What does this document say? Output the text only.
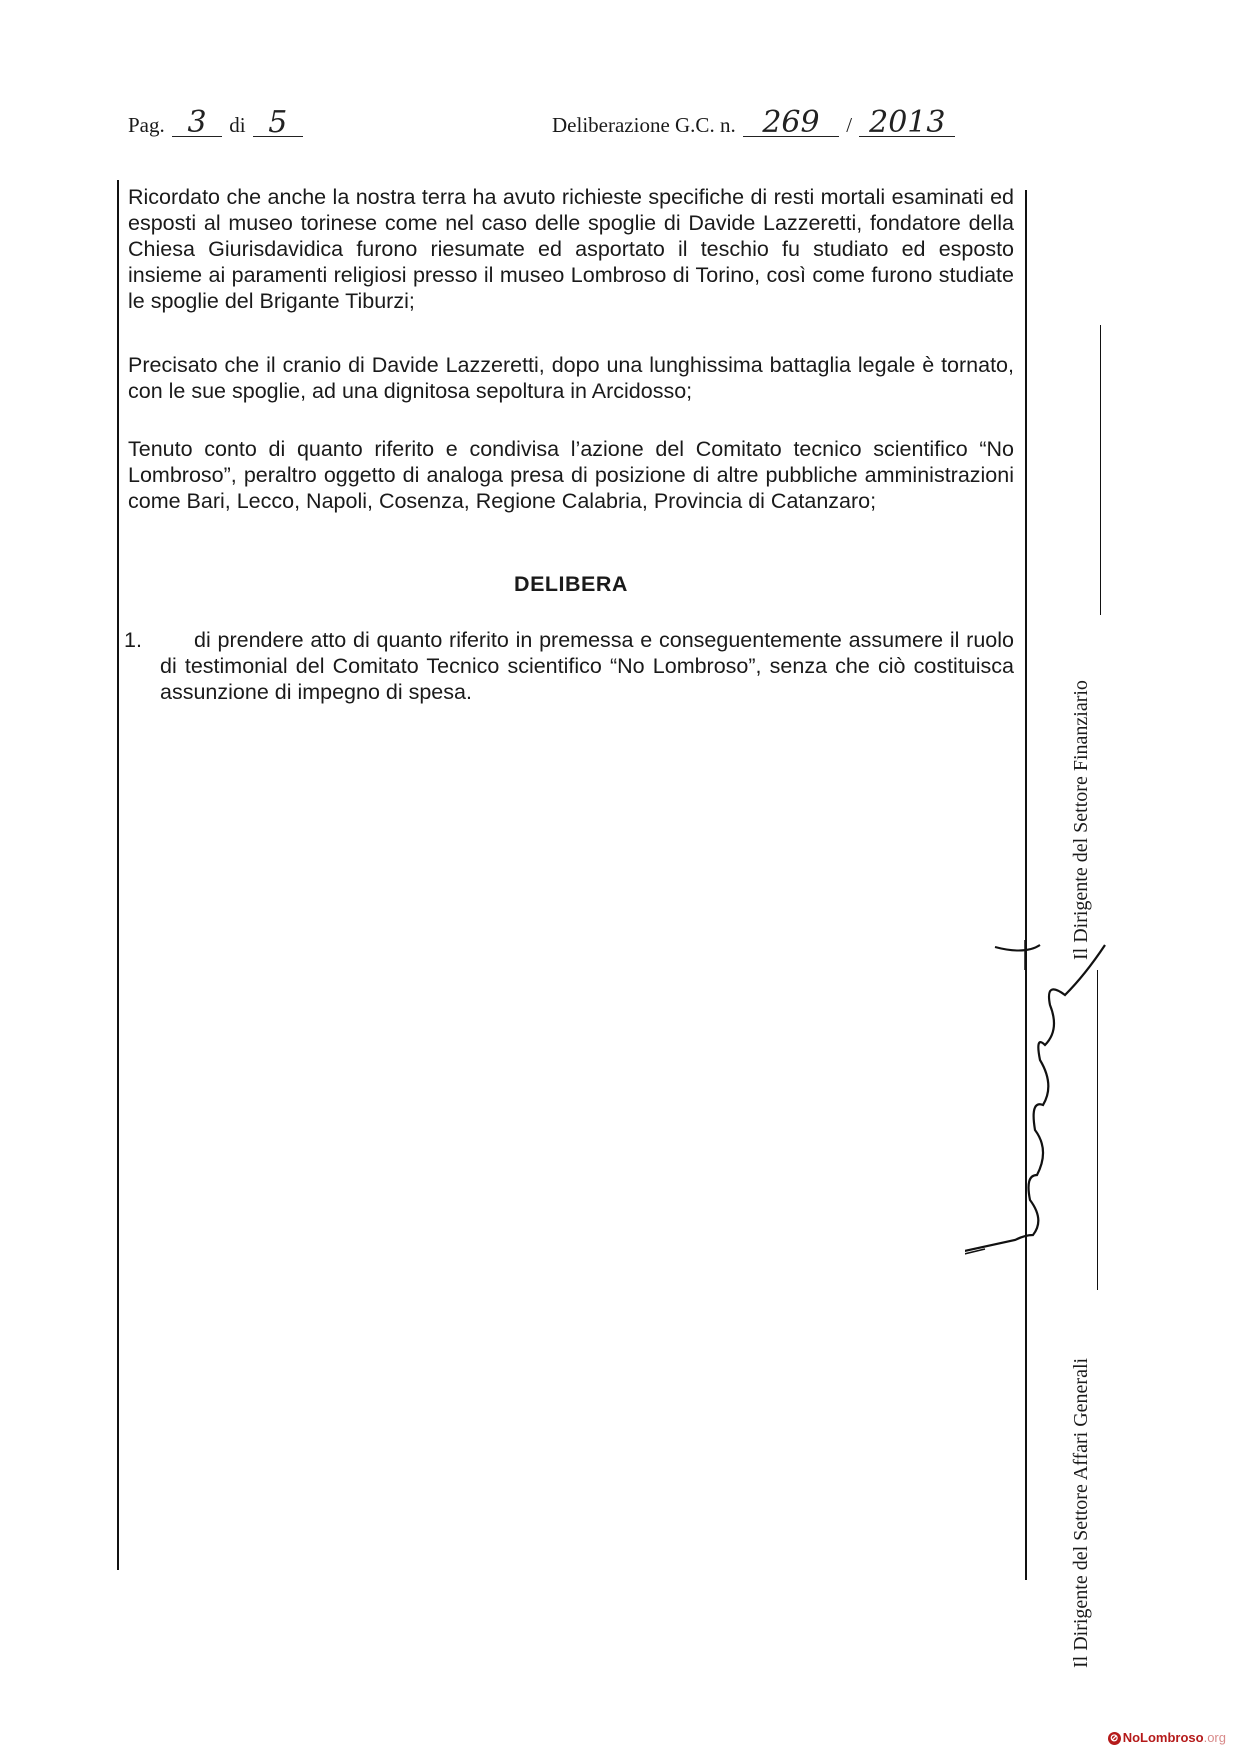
Pag. 3 di 5	Deliberazione G.C. n. 269 / 2013
Ricordato che anche la nostra terra ha avuto richieste specifiche di resti mortali esaminati ed esposti al museo torinese come nel caso delle spoglie di Davide Lazzeretti, fondatore della Chiesa Giurisdavidica furono riesumate ed asportato il teschio fu studiato ed esposto insieme ai paramenti religiosi presso il museo Lombroso di Torino, così come furono studiate le spoglie del Brigante Tiburzi;
Precisato che il cranio di Davide Lazzeretti, dopo una lunghissima battaglia legale è tornato, con le sue spoglie, ad una dignitosa sepoltura in Arcidosso;
Tenuto conto di quanto riferito e condivisa l’azione del Comitato tecnico scientifico “No Lombroso”, peraltro oggetto di analoga presa di posizione di altre pubbliche amministrazioni come Bari, Lecco, Napoli, Cosenza, Regione Calabria, Provincia di Catanzaro;
DELIBERA
1.	di prendere atto di quanto riferito in premessa e conseguentemente assumere il ruolo di testimonial del Comitato Tecnico scientifico “No Lombroso”, senza che ciò costituisca assunzione di impegno di spesa.	Il Dirigente del Settore Finanziario
Il Dirigente del Settore Affari Generali
⊘ NoLombroso.org
